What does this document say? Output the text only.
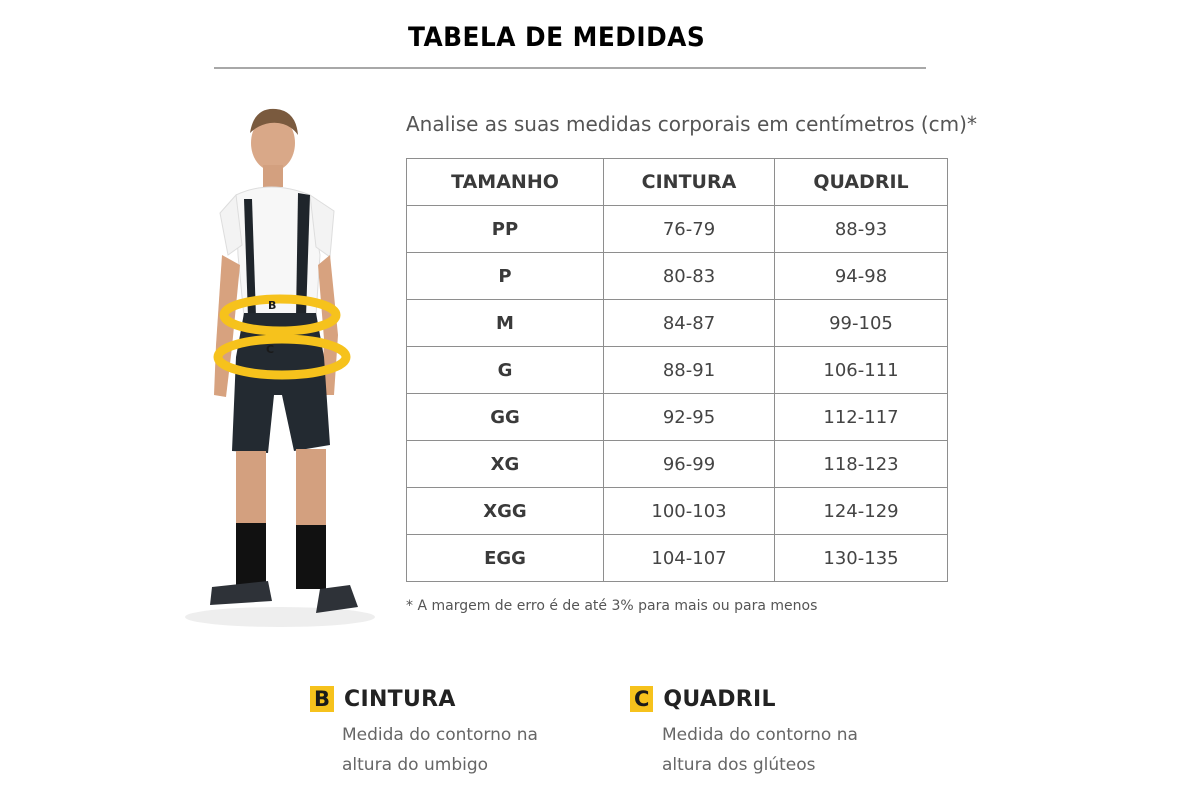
TABELA DE MEDIDAS
B
C
Analise as suas medidas corporais em centímetros (cm)*
TAMANHO	CINTURA	QUADRIL
PP	76-79	88-93
P	80-83	94-98
M	84-87	99-105
G	88-91	106-111
GG	92-95	112-117
XG	96-99	118-123
XGG	100-103	124-129
EGG	104-107	130-135
* A margem de erro é de até 3% para mais ou para menos
B CINTURA
Medida do contorno na
altura do umbigo
C QUADRIL
Medida do contorno na
altura dos glúteos
